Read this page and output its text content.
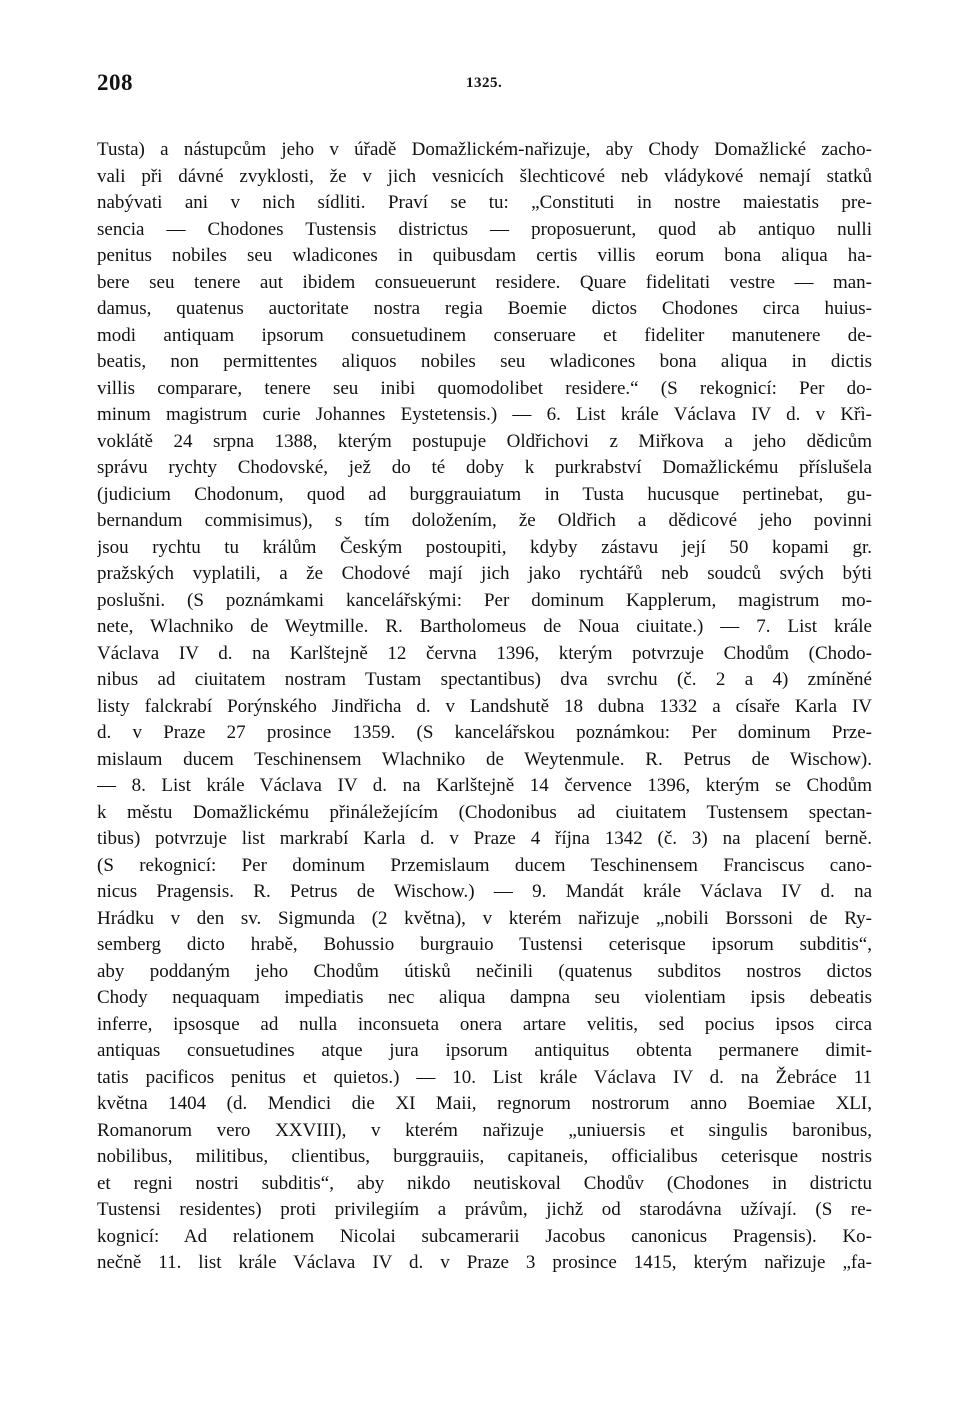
208	1325.
Tusta) a nástupcům jeho v úřadě Domažlickém-nařizuje, aby Chody Domažlické zacho-
vali při dávné zvyklosti, že v jich vesnicích šlechticové neb vládykové nemají statků
nabývati ani v nich sídliti. Praví se tu: „Constituti in nostre maiestatis pre-
sencia — Chodones Tustensis districtus — proposuerunt, quod ab antiquo nulli
penitus nobiles seu wladicones in quibusdam certis villis eorum bona aliqua ha-
bere seu tenere aut ibidem consueuerunt residere. Quare fidelitati vestre — man-
damus, quatenus auctoritate nostra regia Boemie dictos Chodones circa huius-
modi antiquam ipsorum consuetudinem conseruare et fideliter manutenere de-
beatis, non permittentes aliquos nobiles seu wladicones bona aliqua in dictis
villis comparare, tenere seu inibi quomodolibet residere.“ (S rekognicí: Per do-
minum magistrum curie Johannes Eystetensis.) — 6. List krále Václava IV d. v Křì-
voklátě 24 srpna 1388, kterým postupuje Oldřichovi z Miřkova a jeho dědicům
správu rychty Chodovské, jež do té doby k purkrabství Domažlickému příslušela
(judicium Chodonum, quod ad burggrauiatum in Tusta hucusque pertinebat, gu-
bernandum commisimus), s tím doložením, že Oldřich a dědicové jeho povinni
jsou rychtu tu králům Českým postoupiti, kdyby zástavu její 50 kopami gr.
pražských vyplatili, a že Chodové mají jich jako rychtářů neb soudců svých býti
poslušni. (S poznámkami kancelářskými: Per dominum Kapplerum, magistrum mo-
nete, Wlachniko de Weytmille. R. Bartholomeus de Noua ciuitate.) — 7. List krále
Václava IV d. na Karlštejně 12 června 1396, kterým potvrzuje Chodům (Chodo-
nibus ad ciuitatem nostram Tustam spectantibus) dva svrchu (č. 2 a 4) zmíněné
listy falckrabí Porýnského Jindřicha d. v Landshutě 18 dubna 1332 a císaře Karla IV
d. v Praze 27 prosince 1359. (S kancelářskou poznámkou: Per dominum Prze-
mislaum ducem Teschinensem Wlachniko de Weytenmule. R. Petrus de Wischow).
— 8. List krále Václava IV d. na Karlštejně 14 července 1396, kterým se Chodům
k městu Domažlickému přináležejícím (Chodonibus ad ciuitatem Tustensem spectan-
tibus) potvrzuje list markrabí Karla d. v Praze 4 října 1342 (č. 3) na placení berně.
(S rekognicí: Per dominum Przemislaum ducem Teschinensem Franciscus cano-
nicus Pragensis. R. Petrus de Wischow.) — 9. Mandát krále Václava IV d. na
Hrádku v den sv. Sigmunda (2 května), v kterém nařizuje „nobili Borssoni de Ry-
semberg dicto hrabě, Bohussio burgrauio Tustensi ceterisque ipsorum subditis“,
aby poddaným jeho Chodům útisků nečinili (quatenus subditos nostros dictos
Chody nequaquam impediatis nec aliqua dampna seu violentiam ipsis debeatis
inferre, ipsosque ad nulla inconsueta onera artare velitis, sed pocius ipsos circa
antiquas consuetudines atque jura ipsorum antiquitus obtenta permanere dimit-
tatis pacificos penitus et quietos.) — 10. List krále Václava IV d. na Žebráce 11
května 1404 (d. Mendici die XI Maii, regnorum nostrorum anno Boemiae XLI,
Romanorum vero XXVIII), v kterém nařizuje „uniuersis et singulis baronibus,
nobilibus, militibus, clientibus, burggrauiis, capitaneis, officialibus ceterisque nostris
et regni nostri subditis“, aby nikdo neutiskoval Chodův (Chodones in districtu
Tustensi residentes) proti privilegiím a právům, jichž od starodávna užívají. (S re-
kognicí: Ad relationem Nicolai subcamerarii Jacobus canonicus Pragensis). Ko-
nečně 11. list krále Václava IV d. v Praze 3 prosince 1415, kterým nařizuje „fa-
